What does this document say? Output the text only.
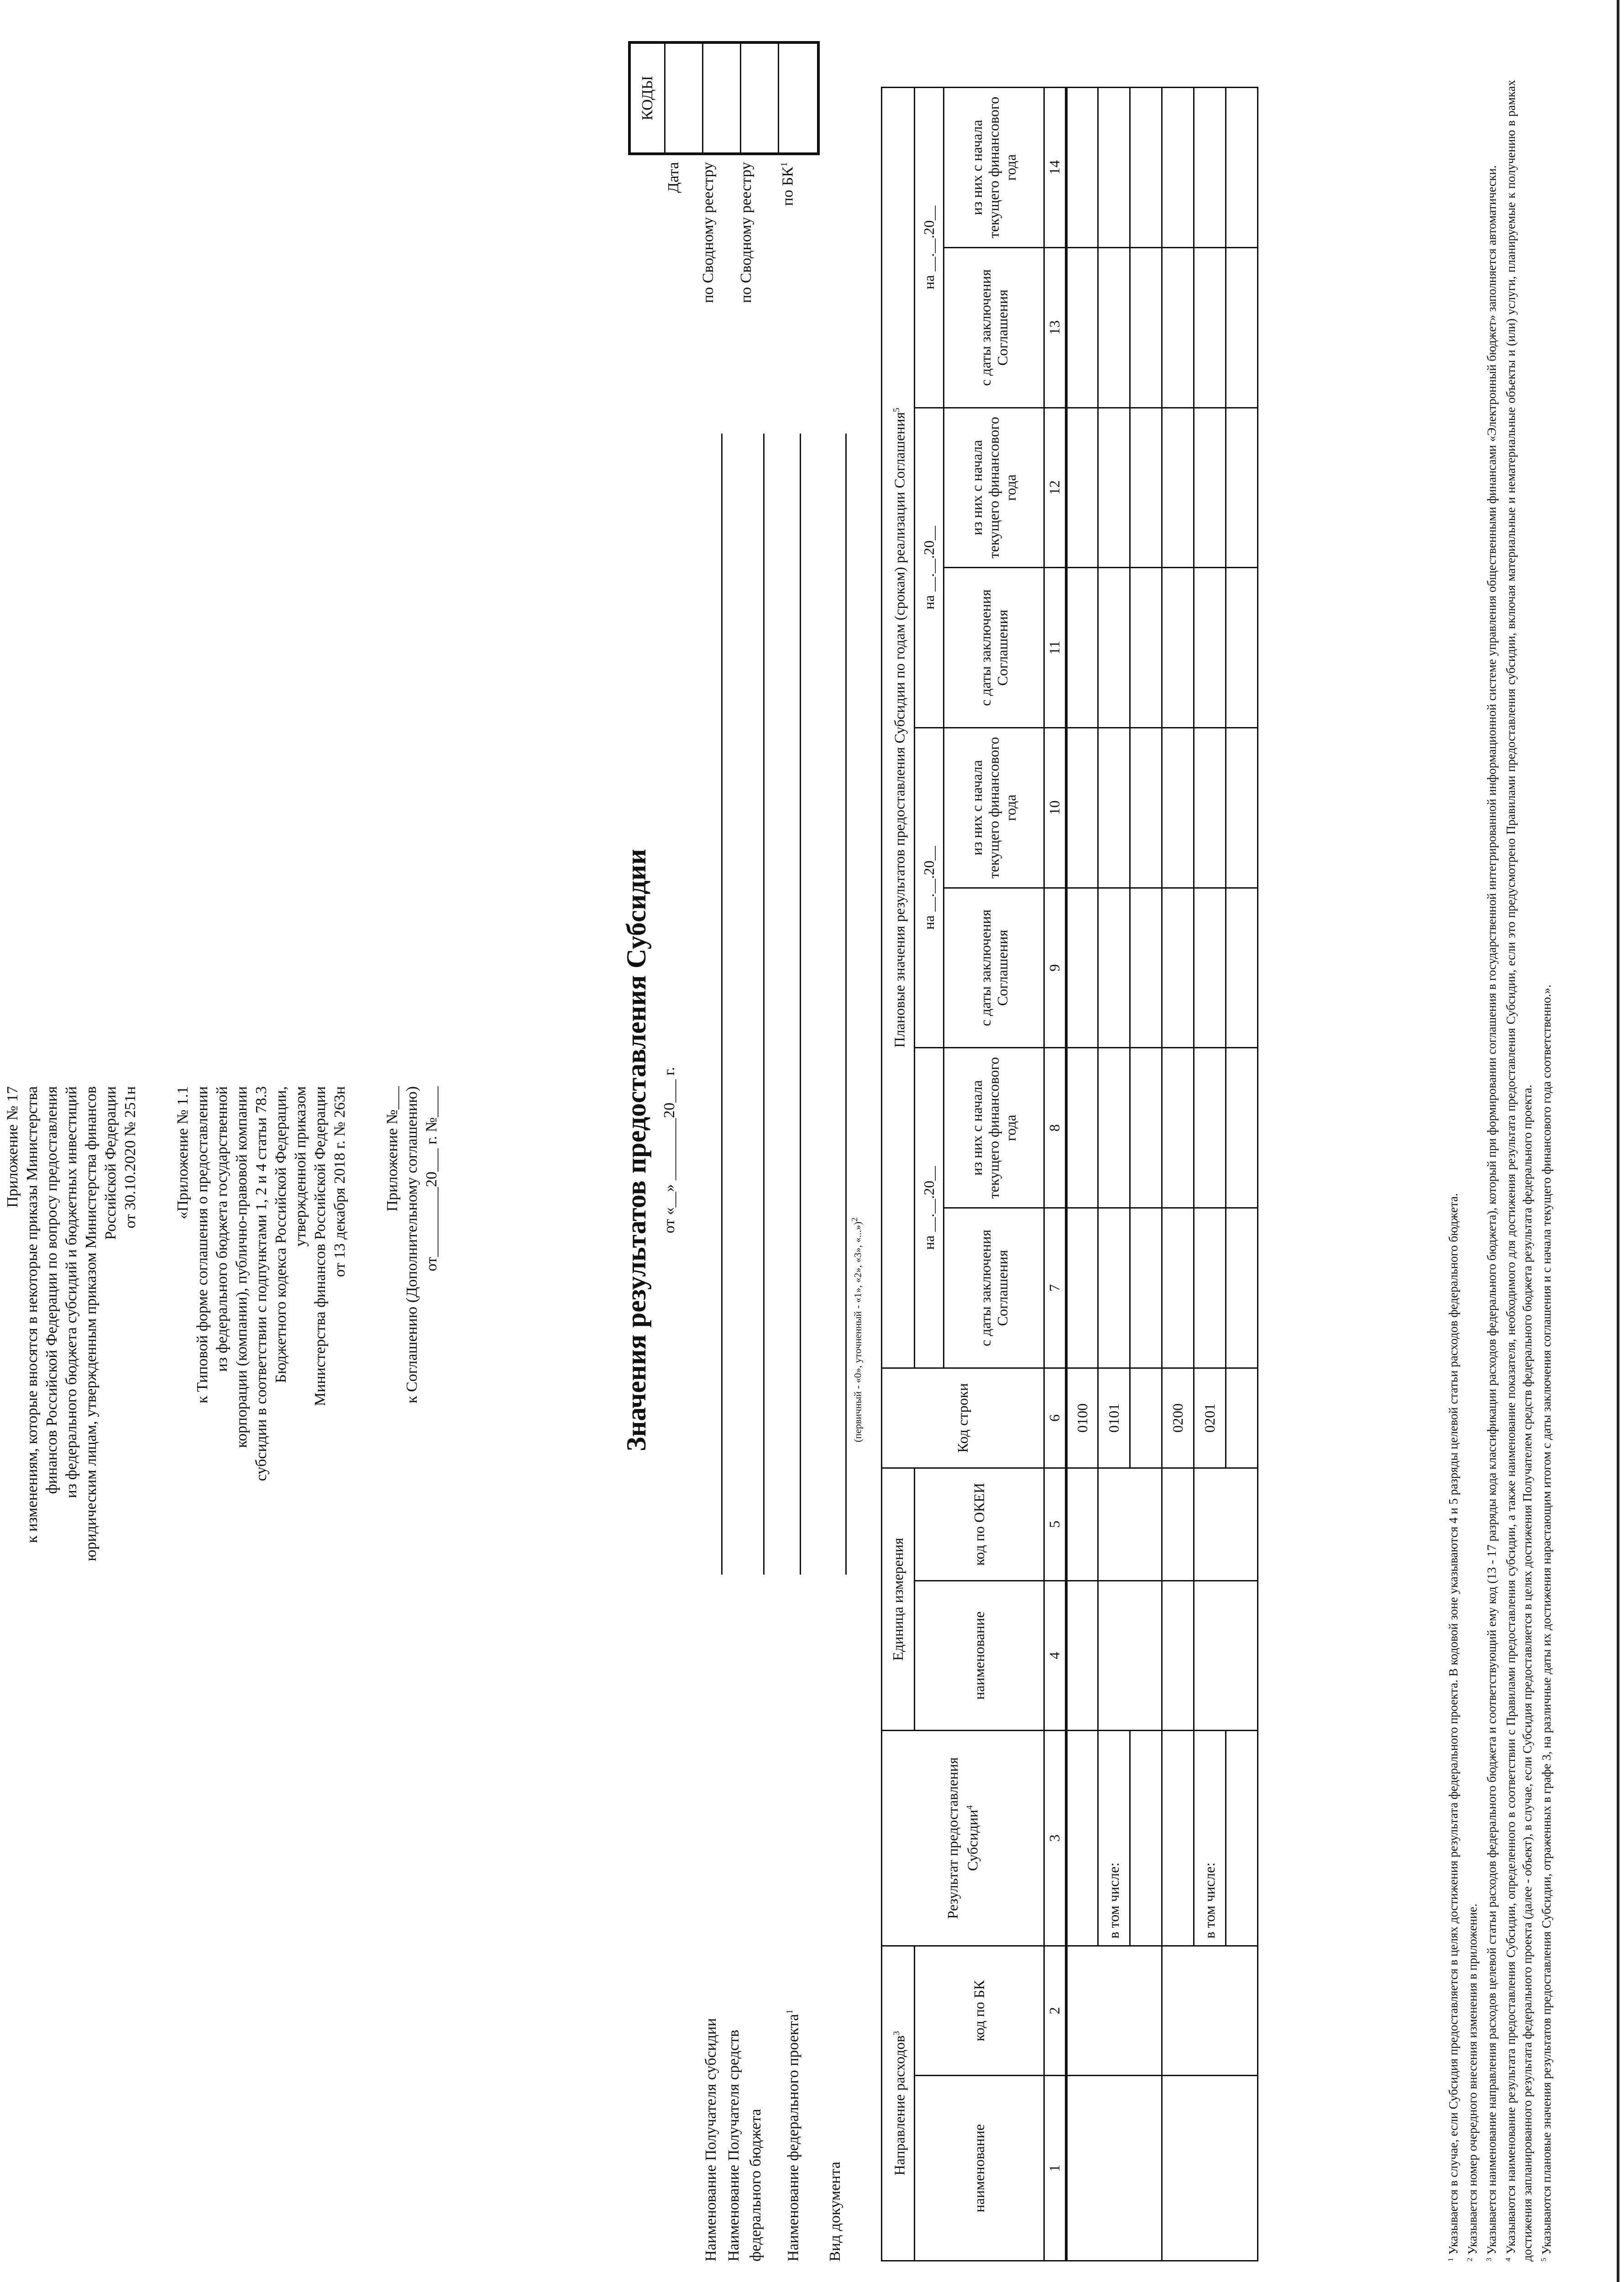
Приложение № 17 к изменениям, которые вносятся в некоторые приказы Министерства финансов Российской Федерации по вопросу предоставления из федерального бюджета субсидий и бюджетных инвестиций юридическим лицам, утвержденным приказом Министерства финансов Российской Федерации от 30.10.2020 № 251н «Приложение № 1.1 к Типовой форме соглашения о предоставлении из федерального бюджета государственной корпорации (компании), публично-правовой компании субсидии в соответствии с подпунктами 1, 2 и 4 статьи 78.3 Бюджетного кодекса Российской Федерации, утвержденной приказом Министерства финансов Российской Федерации от 13 декабря 2018 г. № 263н Приложение №___ к Соглашению (Дополнительному соглашению) от_________20___ г. №____	Значения результатов предоставления Субсидии от «__» ________20___ г.
КОДЫ
Дата по Сводному реестру по Сводному реестру по $БК^1$
Наименование Получателя субсидии Наименование Получателя средств федерального бюджета Наименование федерального проекта$^1$
Вид документа
(первичный - «0», уточненный - «1», «2», «3», «...»)$^2$
Направление расходов$^3$		Результат предоставления Субсидии$^4$	Единица измерения		Код строки	Плановые значения результатов предоставления Субсидии по годам (срокам) реализации Соглашения$^5$
наименование	код по БК		наименование	код по ОКЕИ		на __.__.20__		на __.__.20__		на __.__.20__		на __.__.20__	
						с даты заключения Соглашения	из них с начала текущего финансового года	с даты заключения Соглашения	из них с начала текущего финансового года	с даты заключения Соглашения	из них с начала текущего финансового года	с даты заключения Соглашения	из них с начала текущего финансового года
1	2	3	4	5	6	7	8	9	10	11	12	13	14
					0100								
		в том числе:			0101								

					0200								
		в том числе:			0201								

$^1$ Указывается в случае, если Субсидия предоставляется в целях достижения результата федерального проекта. В кодовой зоне указываются 4 и 5 разряды целевой статьи расходов федерального бюджета.

$^2$ Указывается номер очередного внесения изменения в приложение.

$^3$ Указывается наименование направления расходов целевой статьи расходов федерального бюджета и соответствующий ему код (13 - 17 разряды кода классификации расходов федерального бюджета), который при формировании соглашения в государственной интегрированной информационной системе управления общественными финансами «Электронный бюджет» заполняется автоматически.

$^4$ Указываются наименование результата предоставления Субсидии, определенного в соответствии с Правилами предоставления субсидии, а также наименование показателя, необходимого для достижения результата предоставления Субсидии, если это предусмотрено Правилами предоставления субсидии, включая материальные и нематериальные объекты и (или) услуги, планируемые к получению в рамках достижения запланированного результата федерального проекта (далее - объект), в случае, если Субсидия предоставляется в целях достижения Получателем средств федерального бюджета результата федерального проекта. $^5$ Указываются плановые значения результатов предоставления Субсидии, отраженных в графе 3, на различные даты их достижения нарастающим итогом с даты заключения соглашения и с начала текущего финансового года соответственно.».
